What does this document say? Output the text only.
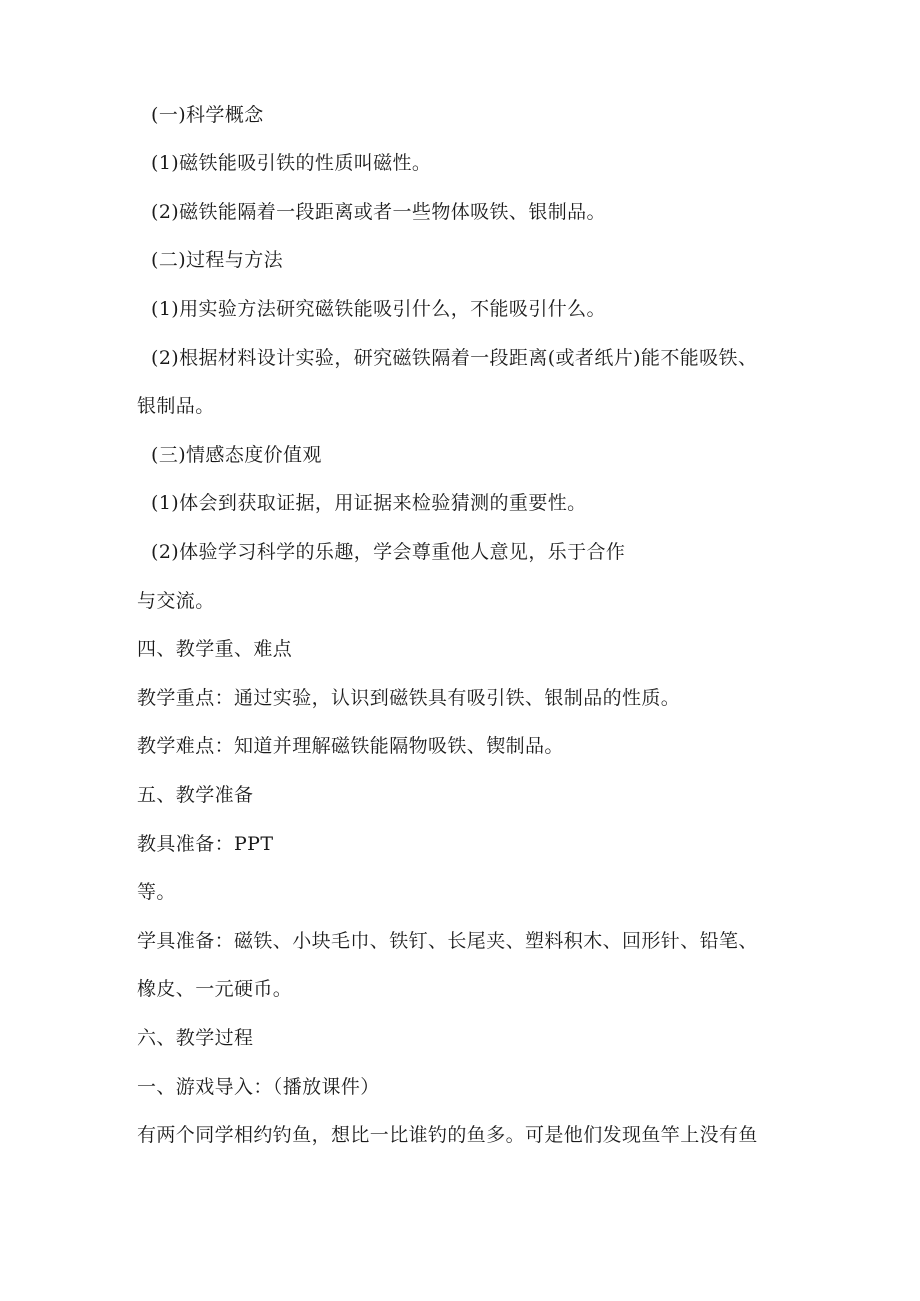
(一)科学概念
(1)磁铁能吸引铁的性质叫磁性。
(2)磁铁能隔着一段距离或者一些物体吸铁、银制品。
(二)过程与方法
(1)用实验方法研究磁铁能吸引什么，不能吸引什么。
(2)根据材料设计实验，研究磁铁隔着一段距离(或者纸片)能不能吸铁、
银制品。
(三)情感态度价值观
(1)体会到获取证据，用证据来检验猜测的重要性。
(2)体验学习科学的乐趣，学会尊重他人意见，乐于合作
与交流。
四、教学重、难点
教学重点：通过实验，认识到磁铁具有吸引铁、银制品的性质。
教学难点：知道并理解磁铁能隔物吸铁、锲制品。
五、教学准备
教具准备：PPT
等。
学具准备：磁铁、小块毛巾、铁钉、长尾夹、塑料积木、回形针、铅笔、
橡皮、一元硬币。
六、教学过程
一、游戏导入：（播放课件）
有两个同学相约钓鱼，想比一比谁钓的鱼多。可是他们发现鱼竿上没有鱼
